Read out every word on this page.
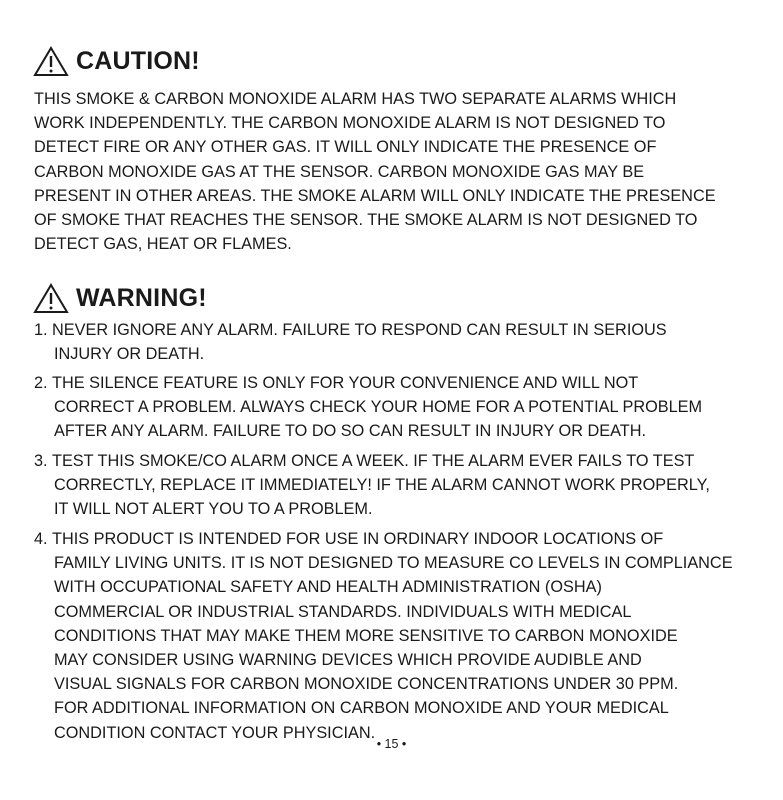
CAUTION!
THIS SMOKE & CARBON MONOXIDE ALARM HAS TWO SEPARATE ALARMS WHICH
WORK INDEPENDENTLY. THE CARBON MONOXIDE ALARM IS NOT DESIGNED TO
DETECT FIRE OR ANY OTHER GAS. IT WILL ONLY INDICATE THE PRESENCE OF
CARBON MONOXIDE GAS AT THE SENSOR. CARBON MONOXIDE GAS MAY BE
PRESENT IN OTHER AREAS. THE SMOKE ALARM WILL ONLY INDICATE THE PRESENCE
OF SMOKE THAT REACHES THE SENSOR. THE SMOKE ALARM IS NOT DESIGNED TO
DETECT GAS, HEAT OR FLAMES.
WARNING!
1. NEVER IGNORE ANY ALARM. FAILURE TO RESPOND CAN RESULT IN SERIOUS
INJURY OR DEATH.
2. THE SILENCE FEATURE IS ONLY FOR YOUR CONVENIENCE AND WILL NOT
CORRECT A PROBLEM. ALWAYS CHECK YOUR HOME FOR A POTENTIAL PROBLEM
AFTER ANY ALARM. FAILURE TO DO SO CAN RESULT IN INJURY OR DEATH.
3. TEST THIS SMOKE/CO ALARM ONCE A WEEK. IF THE ALARM EVER FAILS TO TEST
CORRECTLY, REPLACE IT IMMEDIATELY! IF THE ALARM CANNOT WORK PROPERLY,
IT WILL NOT ALERT YOU TO A PROBLEM.
4. THIS PRODUCT IS INTENDED FOR USE IN ORDINARY INDOOR LOCATIONS OF
FAMILY LIVING UNITS. IT IS NOT DESIGNED TO MEASURE CO LEVELS IN COMPLIANCE
WITH OCCUPATIONAL SAFETY AND HEALTH ADMINISTRATION (OSHA)
COMMERCIAL OR INDUSTRIAL STANDARDS. INDIVIDUALS WITH MEDICAL
CONDITIONS THAT MAY MAKE THEM MORE SENSITIVE TO CARBON MONOXIDE
MAY CONSIDER USING WARNING DEVICES WHICH PROVIDE AUDIBLE AND
VISUAL SIGNALS FOR CARBON MONOXIDE CONCENTRATIONS UNDER 30 PPM.
FOR ADDITIONAL INFORMATION ON CARBON MONOXIDE AND YOUR MEDICAL
CONDITION CONTACT YOUR PHYSICIAN.
• 15 •
